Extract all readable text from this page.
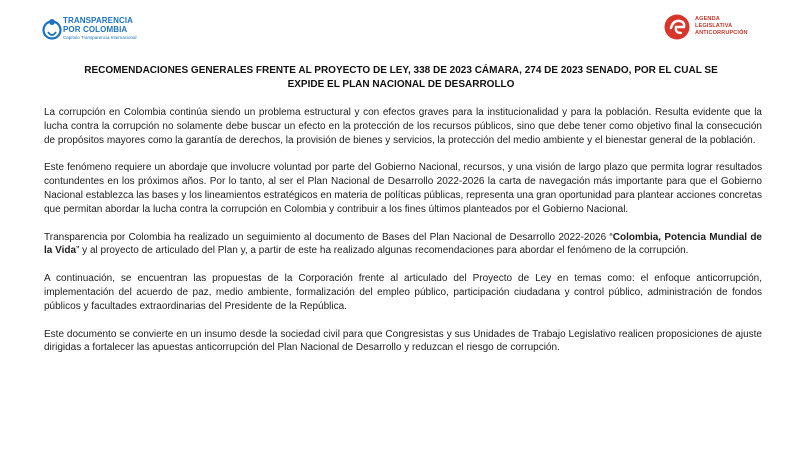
TRANSPARENCIA
POR COLOMBIA
Capítulo Transparencia Internacional
AGENDA
LEGISLATIVA
ANTICORRUPCIÓN
RECOMENDACIONES GENERALES FRENTE AL PROYECTO DE LEY, 338 DE 2023 CÁMARA, 274 DE 2023 SENADO, POR EL CUAL SE
EXPIDE EL PLAN NACIONAL DE DESARROLLO

La corrupción en Colombia continúa siendo un problema estructural y con efectos graves para la institucionalidad y para la población. Resulta evidente que la lucha contra la corrupción no solamente debe buscar un efecto en la protección de los recursos públicos, sino que debe tener como objetivo final la consecución de propósitos mayores como la garantía de derechos, la provisión de bienes y servicios, la protección del medio ambiente y el bienestar general de la población.

Este fenómeno requiere un abordaje que involucre voluntad por parte del Gobierno Nacional, recursos, y una visión de largo plazo que permita lograr resultados contundentes en los próximos años. Por lo tanto, al ser el Plan Nacional de Desarrollo 2022-2026 la carta de navegación más importante para que el Gobierno Nacional establezca las bases y los lineamientos estratégicos en materia de políticas públicas, representa una gran oportunidad para plantear acciones concretas que permitan abordar la lucha contra la corrupción en Colombia y contribuir a los fines últimos planteados por el Gobierno Nacional.

Transparencia por Colombia ha realizado un seguimiento al documento de Bases del Plan Nacional de Desarrollo 2022-2026 “Colombia, Potencia Mundial de la Vida” y al proyecto de articulado del Plan y, a partir de este ha realizado algunas recomendaciones para abordar el fenómeno de la corrupción.

A continuación, se encuentran las propuestas de la Corporación frente al articulado del Proyecto de Ley en temas como: el enfoque anticorrupción, implementación del acuerdo de paz, medio ambiente, formalización del empleo público, participación ciudadana y control público, administración de fondos públicos y facultades extraordinarias del Presidente de la República.

Este documento se convierte en un insumo desde la sociedad civil para que Congresistas y sus Unidades de Trabajo Legislativo realicen proposiciones de ajuste dirigidas a fortalecer las apuestas anticorrupción del Plan Nacional de Desarrollo y reduzcan el riesgo de corrupción.
